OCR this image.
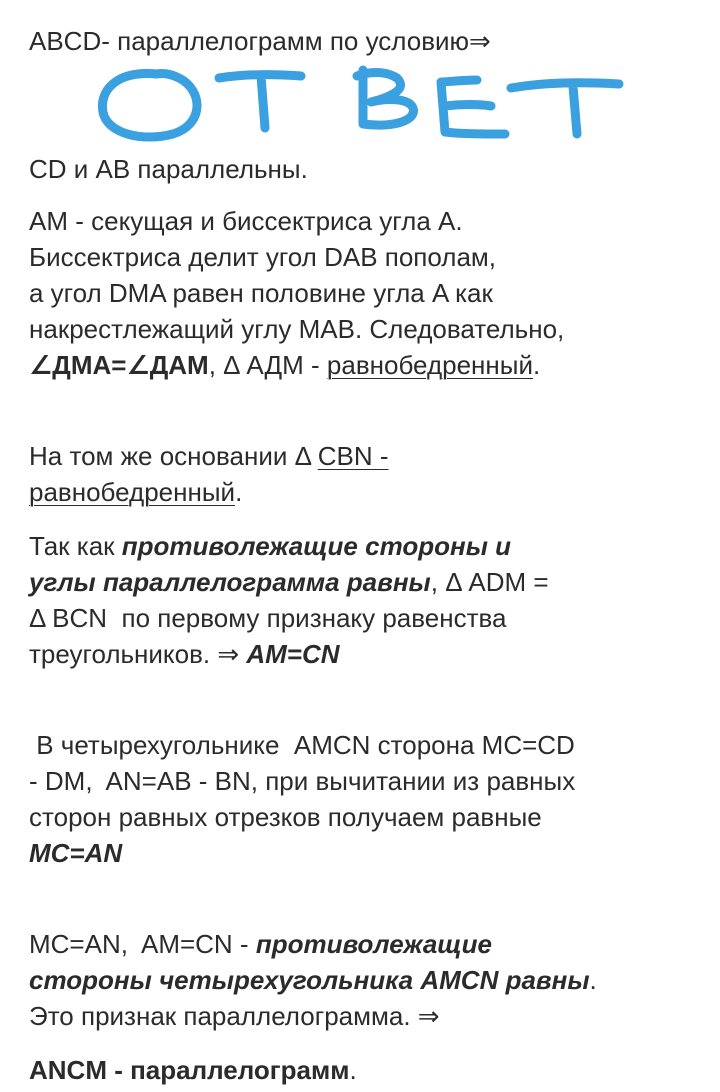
ABCD- параллелограмм по условию⇒
CD и AB параллельны.
AM - секущая и биссектриса угла A.
Биссектриса делит угол DAB пополам,
а угол DMA равен половине угла A как
накрестлежащий углу MAB. Следовательно,
∠ДМА=∠ДАМ, Δ АДМ - равнобедренный.
На том же основании Δ CBN -
равнобедренный.
Так как противолежащие стороны и
углы параллелограмма равны, Δ ADM =
Δ BCN  по первому признаку равенства
треугольников. ⇒ AM=CN
В четырехугольнике  AMCN сторона MC=CD
- DM,  AN=AB - BN, при вычитании из равных
сторон равных отрезков получаем равные
MC=AN
MC=AN,  AM=CN - противолежащие
стороны четырехугольника AMCN равны.
Это признак параллелограмма. ⇒
ANCM - параллелограмм.
